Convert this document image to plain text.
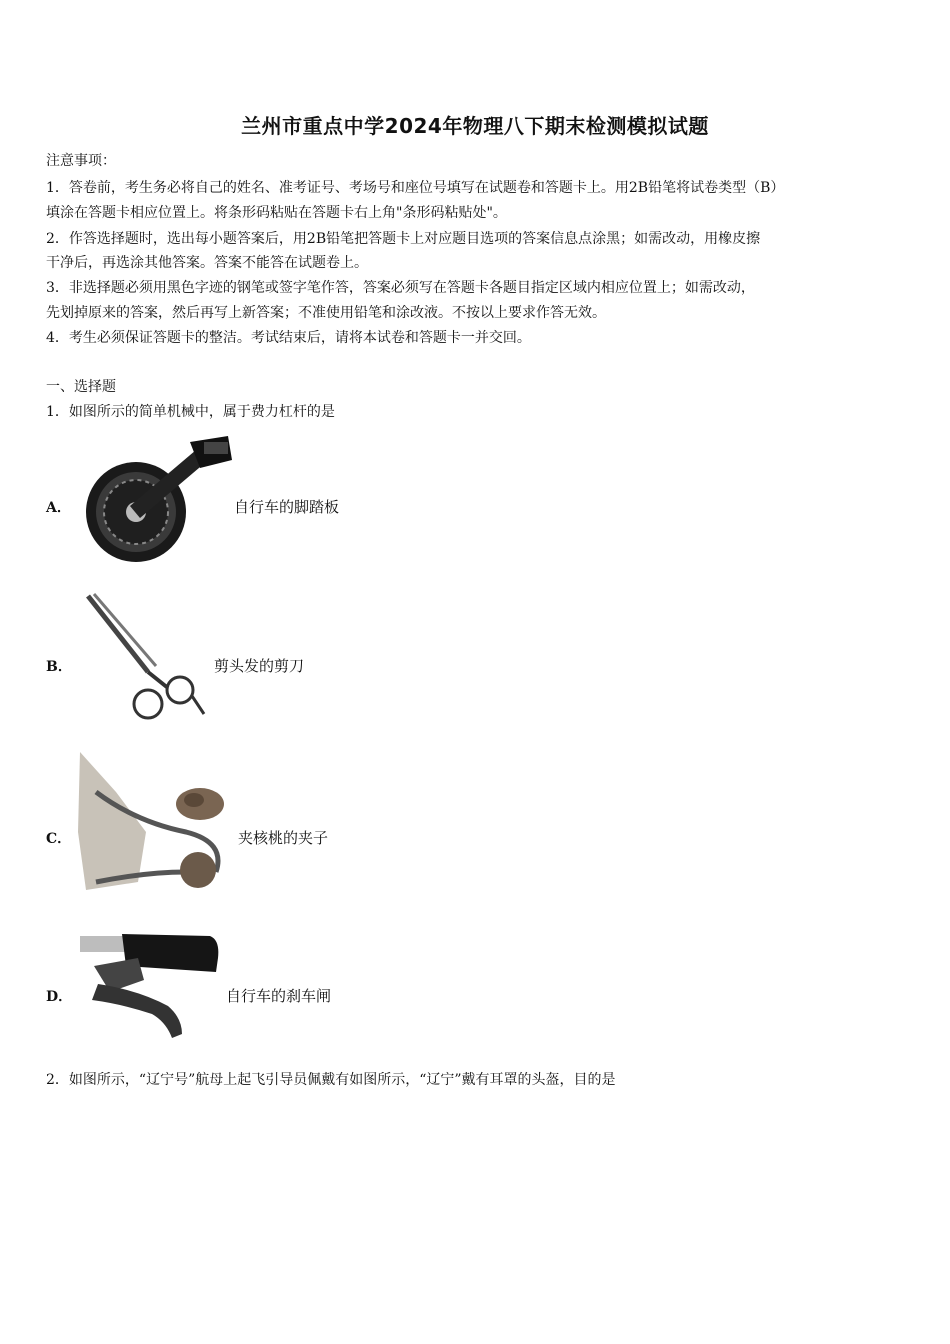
兰州市重点中学2024年物理八下期末检测模拟试题
注意事项：
1．答卷前，考生务必将自己的姓名、准考证号、考场号和座位号填写在试题卷和答题卡上。用2B铅笔将试卷类型（B）
填涂在答题卡相应位置上。将条形码粘贴在答题卡右上角"条形码粘贴处"。
2．作答选择题时，选出每小题答案后，用2B铅笔把答题卡上对应题目选项的答案信息点涂黑；如需改动，用橡皮擦
干净后，再选涂其他答案。答案不能答在试题卷上。
3．非选择题必须用黑色字迹的钢笔或签字笔作答，答案必须写在答题卡各题目指定区域内相应位置上；如需改动，
先划掉原来的答案，然后再写上新答案；不准使用铅笔和涂改液。不按以上要求作答无效。
4．考生必须保证答题卡的整洁。考试结束后，请将本试卷和答题卡一并交回。
一、选择题
1．如图所示的简单机械中，属于费力杠杆的是
A．	自行车的脚踏板
B．	剪头发的剪刀
C．	夹核桃的夹子
D．	自行车的刹车闸
2．如图所示，“辽宁号”航母上起飞引导员佩戴有如图所示，“辽宁”戴有耳罩的头盔，目的是
